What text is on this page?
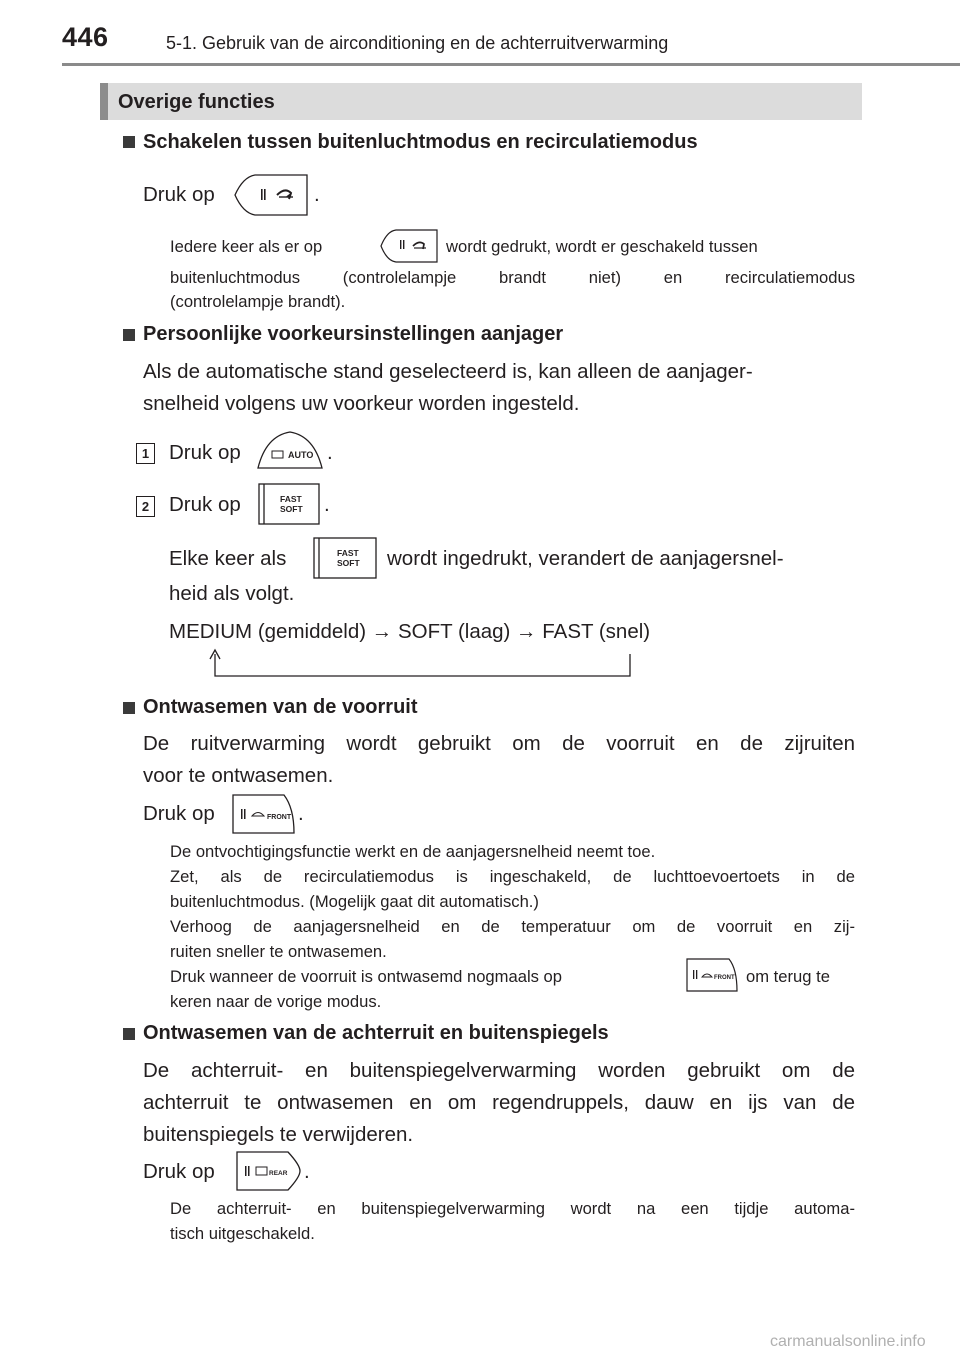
446	5-1. Gebruik van de airconditioning en de achterruitverwarming
Overige functies
Schakelen tussen buitenluchtmodus en recirculatiemodus
Druk op	.
Iedere keer als er op	wordt gedrukt, wordt er geschakeld tussen
buitenluchtmodus (controlelampje brandt niet) en recirculatiemodus
(controlelampje brandt).
Persoonlijke voorkeursinstellingen aanjager
Als de automatische stand geselecteerd is, kan alleen de aanjager-
snelheid volgens uw voorkeur worden ingesteld.
1 Druk op	AUTO .
2 Druk op	FAST
SOFT .
Elke keer als	FAST
SOFT wordt ingedrukt, verandert de aanjagersnel-
heid als volgt.
MEDIUM (gemiddeld) → SOFT (laag) → FAST (snel)
Ontwasemen van de voorruit
De ruitverwarming wordt gebruikt om de voorruit en de zijruiten
voor te ontwasemen.
Druk op	FRONT .
De ontvochtigingsfunctie werkt en de aanjagersnelheid neemt toe.
Zet, als de recirculatiemodus is ingeschakeld, de luchttoevoertoets in de
buitenluchtmodus. (Mogelijk gaat dit automatisch.)
Verhoog de aanjagersnelheid en de temperatuur om de voorruit en zij-
ruiten sneller te ontwasemen.
Druk wanneer de voorruit is ontwasemd nogmaals op	FRONT om terug te
keren naar de vorige modus.
Ontwasemen van de achterruit en buitenspiegels
De achterruit- en buitenspiegelverwarming worden gebruikt om de
achterruit te ontwasemen en om regendruppels, dauw en ijs van de
buitenspiegels te verwijderen.
Druk op	REAR .
De achterruit- en buitenspiegelverwarming wordt na een tijdje automa-
tisch uitgeschakeld.
carmanualsonline.info
